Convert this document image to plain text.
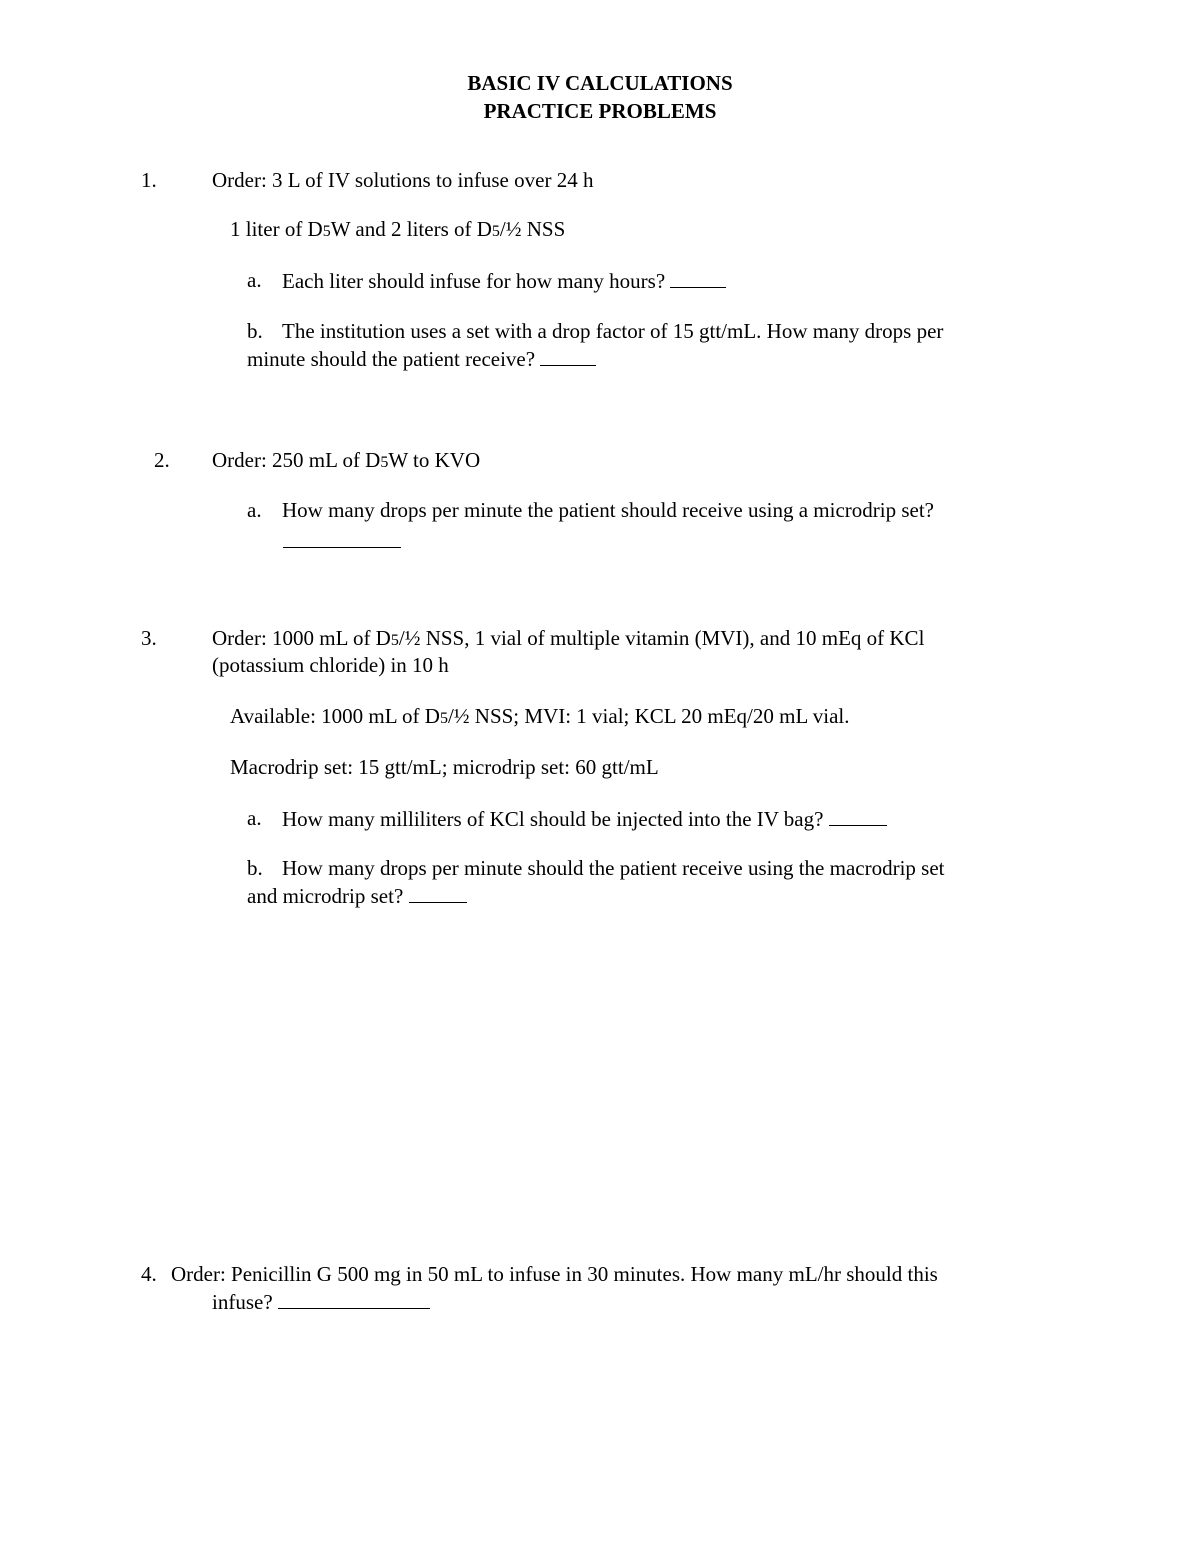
BASIC IV CALCULATIONS
PRACTICE PROBLEMS
1.	Order: 3 L of IV solutions to infuse over 24 h
1 liter of D5W and 2 liters of D5/½ NSS
a. Each liter should infuse for how many hours?
b. The institution uses a set with a drop factor of 15 gtt/mL. How many drops per
minute should the patient receive?
2. Order: 250 mL of D5W to KVO
a. How many drops per minute the patient should receive using a microdrip set?
3.	Order: 1000 mL of D5/½ NSS, 1 vial of multiple vitamin (MVI), and 10 mEq of KCl
(potassium chloride) in 10 h
Available: 1000 mL of D5/½ NSS; MVI: 1 vial; KCL 20 mEq/20 mL vial.
Macrodrip set: 15 gtt/mL; microdrip set: 60 gtt/mL
a. How many milliliters of KCl should be injected into the IV bag?
b. How many drops per minute should the patient receive using the macrodrip set
and microdrip set?
4. Order: Penicillin G 500 mg in 50 mL to infuse in 30 minutes. How many mL/hr should this
infuse?
